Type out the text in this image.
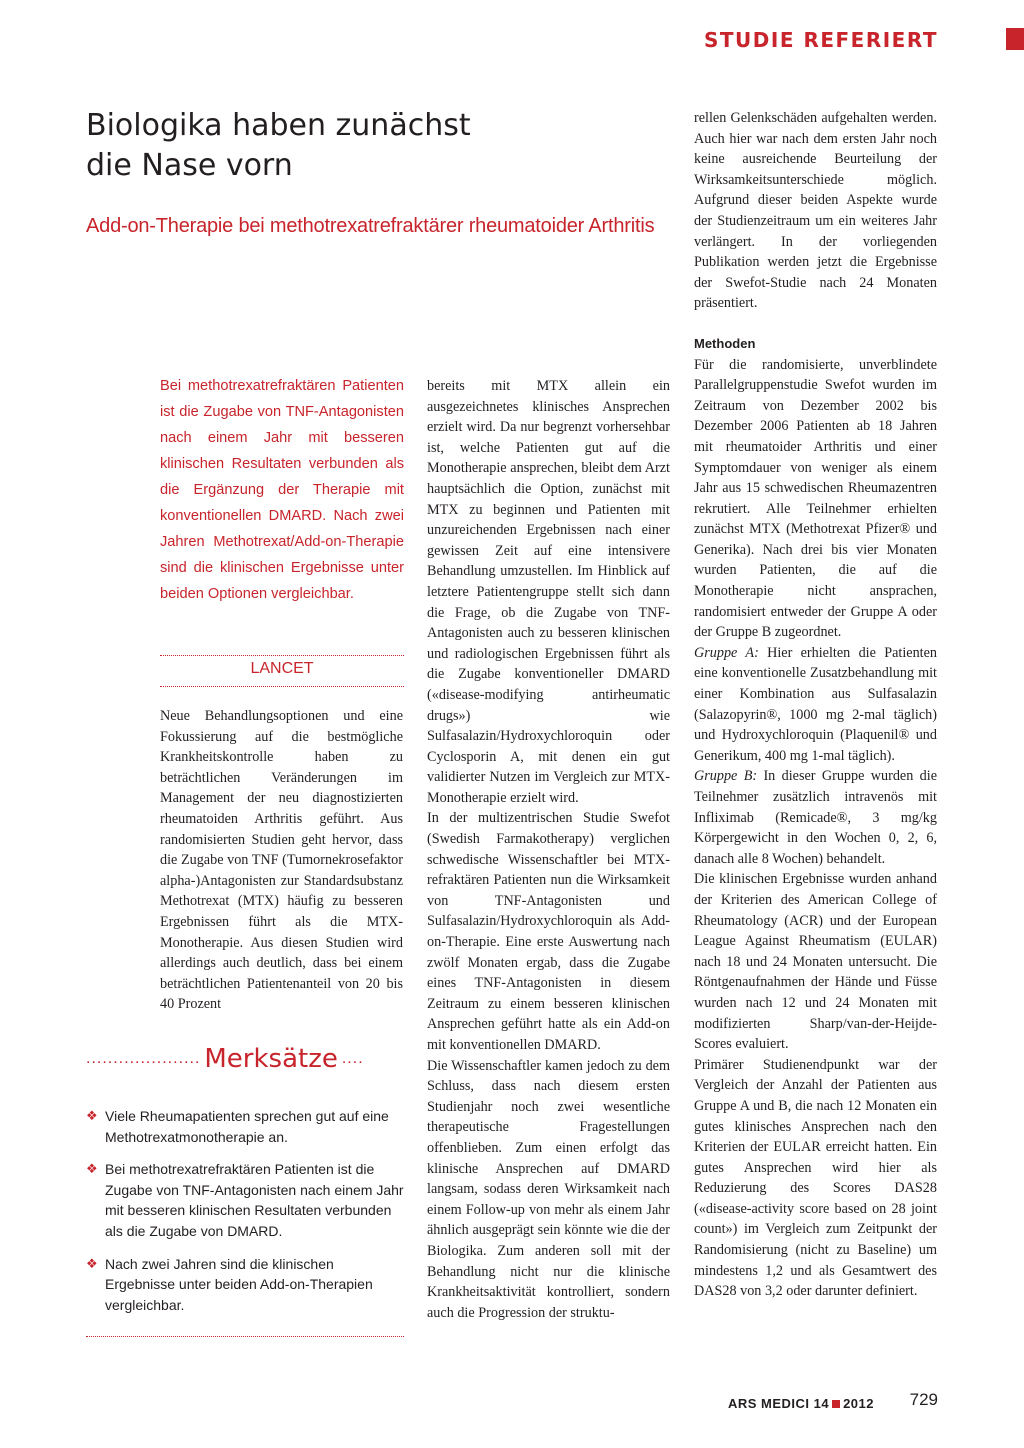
STUDIE REFERIERT
Biologika haben zunächst
die Nase vorn
Add-on-Therapie bei methotrexatrefraktärer rheumatoider Arthritis
Bei methotrexatrefraktären Patienten ist die Zugabe von TNF-Antagonisten nach einem Jahr mit besseren klinischen Resultaten verbunden als die Ergänzung der Therapie mit konventionellen DMARD. Nach zwei Jahren Methotrexat/Add-on-Therapie sind die klinischen Ergebnisse unter beiden Optionen vergleichbar.
LANCET

Neue Behandlungsoptionen und eine Fokussierung auf die bestmögliche Krankheitskontrolle haben zu beträchtlichen Veränderungen im Management der neu diagnostizierten rheumatoiden Arthritis geführt. Aus randomisierten Studien geht hervor, dass die Zugabe von TNF (Tumornekrosefaktor alpha-)Antagonisten zur Standardsubstanz Methotrexat (MTX) häufig zu besseren Ergebnissen führt als die MTX-Monotherapie. Aus diesen Studien wird allerdings auch deutlich, dass bei einem beträchtlichen Patientenanteil von 20 bis 40 Prozent

..................... Merksätze ....
❖ Viele Rheumapatienten sprechen gut auf eine Methotrexatmonotherapie an.
❖ Bei methotrexatrefraktären Patienten ist die Zugabe von TNF-Antagonisten nach einem Jahr mit besseren klinischen Resultaten verbunden als die Zugabe von DMARD.
❖ Nach zwei Jahren sind die klinischen Ergebnisse unter beiden Add-on-Therapien vergleichbar.

bereits mit MTX allein ein ausgezeichnetes klinisches Ansprechen erzielt wird. Da nur begrenzt vorhersehbar ist, welche Patienten gut auf die Monotherapie ansprechen, bleibt dem Arzt hauptsächlich die Option, zunächst mit MTX zu beginnen und Patienten mit unzureichenden Ergebnissen nach einer gewissen Zeit auf eine intensivere Behandlung umzustellen. Im Hinblick auf letztere Patientengruppe stellt sich dann die Frage, ob die Zugabe von TNF-Antagonisten auch zu besseren klinischen und radiologischen Ergebnissen führt als die Zugabe konventioneller DMARD («disease-modifying antirheumatic drugs») wie Sulfasalazin/Hydroxychloroquin oder Cyclosporin A, mit denen ein gut validierter Nutzen im Vergleich zur MTX-Monotherapie erzielt wird.

In der multizentrischen Studie Swefot (Swedish Farmakotherapy) verglichen schwedische Wissenschaftler bei MTX-refraktären Patienten nun die Wirksamkeit von TNF-Antagonisten und Sulfasalazin/Hydroxychloroquin als Add-on-Therapie. Eine erste Auswertung nach zwölf Monaten ergab, dass die Zugabe eines TNF-Antagonisten in diesem Zeitraum zu einem besseren klinischen Ansprechen geführt hatte als ein Add-on mit konventionellen DMARD.

Die Wissenschaftler kamen jedoch zu dem Schluss, dass nach diesem ersten Studienjahr noch zwei wesentliche therapeutische Fragestellungen offenblieben. Zum einen erfolgt das klinische Ansprechen auf DMARD langsam, sodass deren Wirksamkeit nach einem Follow-up von mehr als einem Jahr ähnlich ausgeprägt sein könnte wie die der Biologika. Zum anderen soll mit der Behandlung nicht nur die klinische Krankheitsaktivität kontrolliert, sondern auch die Progression der struktu-

rellen Gelenkschäden aufgehalten werden. Auch hier war nach dem ersten Jahr noch keine ausreichende Beurteilung der Wirksamkeitsunterschiede möglich. Aufgrund dieser beiden Aspekte wurde der Studienzeitraum um ein weiteres Jahr verlängert. In der vorliegenden Publikation werden jetzt die Ergebnisse der Swefot-Studie nach 24 Monaten präsentiert.

Methoden

Für die randomisierte, unverblindete Parallelgruppenstudie Swefot wurden im Zeitraum von Dezember 2002 bis Dezember 2006 Patienten ab 18 Jahren mit rheumatoider Arthritis und einer Symptomdauer von weniger als einem Jahr aus 15 schwedischen Rheumazentren rekrutiert. Alle Teilnehmer erhielten zunächst MTX (Methotrexat Pfizer® und Generika). Nach drei bis vier Monaten wurden Patienten, die auf die Monotherapie nicht ansprachen, randomisiert entweder der Gruppe A oder der Gruppe B zugeordnet.

Gruppe A: Hier erhielten die Patienten eine konventionelle Zusatzbehandlung mit einer Kombination aus Sulfasalazin (Salazopyrin®, 1000 mg 2-mal täglich) und Hydroxychloroquin (Plaquenil® und Generikum, 400 mg 1-mal täglich).

Gruppe B: In dieser Gruppe wurden die Teilnehmer zusätzlich intravenös mit Infliximab (Remicade®, 3 mg/kg Körpergewicht in den Wochen 0, 2, 6, danach alle 8 Wochen) behandelt.

Die klinischen Ergebnisse wurden anhand der Kriterien des American College of Rheumatology (ACR) und der European League Against Rheumatism (EULAR) nach 18 und 24 Monaten untersucht. Die Röntgenaufnahmen der Hände und Füsse wurden nach 12 und 24 Monaten mit modifizierten Sharp/van-der-Heijde-Scores evaluiert.

Primärer Studienendpunkt war der Vergleich der Anzahl der Patienten aus Gruppe A und B, die nach 12 Monaten ein gutes klinisches Ansprechen nach den Kriterien der EULAR erreicht hatten. Ein gutes Ansprechen wird hier als Reduzierung des Scores DAS28 («disease-activity score based on 28 joint count») im Vergleich zum Zeitpunkt der Randomisierung (nicht zu Baseline) um mindestens 1,2 und als Gesamtwert des DAS28 von 3,2 oder darunter definiert.

ARS MEDICI 14 2012 729
